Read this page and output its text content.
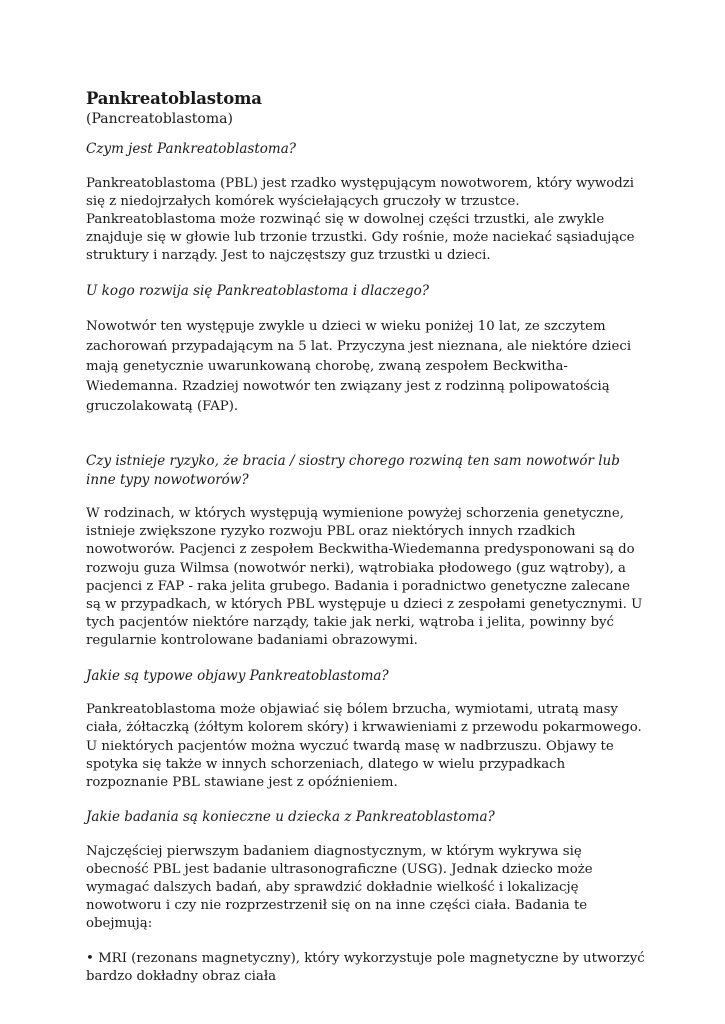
Pankreatoblastoma

(Pancreatoblastoma)

Czym jest Pankreatoblastoma?

Pankreatoblastoma (PBL) jest rzadko występującym nowotworem, który wywodzi się z niedojrzałych komórek wyściełających gruczoły w trzustce. Pankreatoblastoma może rozwinąć się w dowolnej części trzustki, ale zwykle znajduje się w głowie lub trzonie trzustki. Gdy rośnie, może naciekać sąsiadujące struktury i narządy. Jest to najczęstszy guz trzustki u dzieci.

U kogo rozwija się Pankreatoblastoma i dlaczego?

Nowotwór ten występuje zwykle u dzieci w wieku poniżej 10 lat, ze szczytem zachorowań przypadającym na 5 lat. Przyczyna jest nieznana, ale niektóre dzieci mają genetycznie uwarunkowaną chorobę, zwaną zespołem Beckwitha-Wiedemanna. Rzadziej nowotwór ten związany jest z rodzinną polipowatością gruczolakowatą (FAP).

Czy istnieje ryzyko, że bracia / siostry chorego rozwiną ten sam nowotwór lub inne typy nowotworów?

W rodzinach, w których występują wymienione powyżej schorzenia genetyczne, istnieje zwiększone ryzyko rozwoju PBL oraz niektórych innych rzadkich nowotworów. Pacjenci z zespołem Beckwitha-Wiedemanna predysponowani są do rozwoju guza Wilmsa (nowotwór nerki), wątrobiaka płodowego (guz wątroby), a pacjenci z FAP - raka jelita grubego. Badania i poradnictwo genetyczne zalecane są w przypadkach, w których PBL występuje u dzieci z zespołami genetycznymi. U tych pacjentów niektóre narządy, takie jak nerki, wątroba i jelita, powinny być regularnie kontrolowane badaniami obrazowymi.

Jakie są typowe objawy Pankreatoblastoma?

Pankreatoblastoma może objawiać się bólem brzucha, wymiotami, utratą masy ciała, żółtaczką (żółtym kolorem skóry) i krwawieniami z przewodu pokarmowego. U niektórych pacjentów można wyczuć twardą masę w nadbrzuszu. Objawy te spotyka się także w innych schorzeniach, dlatego w wielu przypadkach rozpoznanie PBL stawiane jest z opóźnieniem.

Jakie badania są konieczne u dziecka z Pankreatoblastoma?

Najczęściej pierwszym badaniem diagnostycznym, w którym wykrywa się obecność PBL jest badanie ultrasonograficzne (USG). Jednak dziecko może wymagać dalszych badań, aby sprawdzić dokładnie wielkość i lokalizację nowotworu i czy nie rozprzestrzenił się on na inne części ciała. Badania te obejmują:

• MRI (rezonans magnetyczny), który wykorzystuje pole magnetyczne by utworzyć bardzo dokładny obraz ciała
